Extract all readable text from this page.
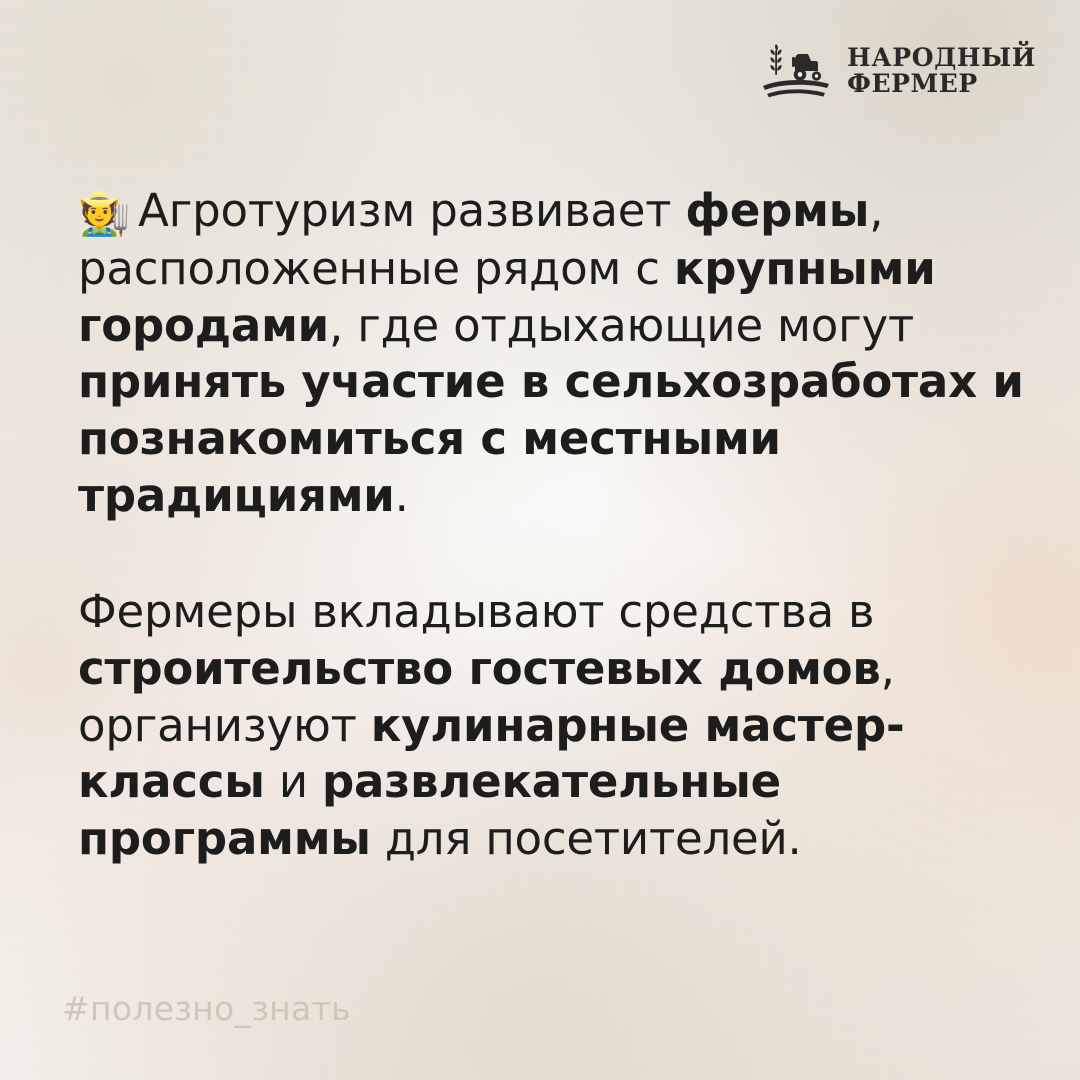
НАРОДНЫЙ
ФЕРМЕР

🧑‍🌾 Агротуризм развивает фермы, расположенные рядом с крупными городами, где отдыхающие могут принять участие в сельхозработах и познакомиться с местными традициями.

Фермеры вкладывают средства в строительство гостевых домов, организуют кулинарные мастер-классы и развлекательные программы для посетителей.

#полезно_знать
